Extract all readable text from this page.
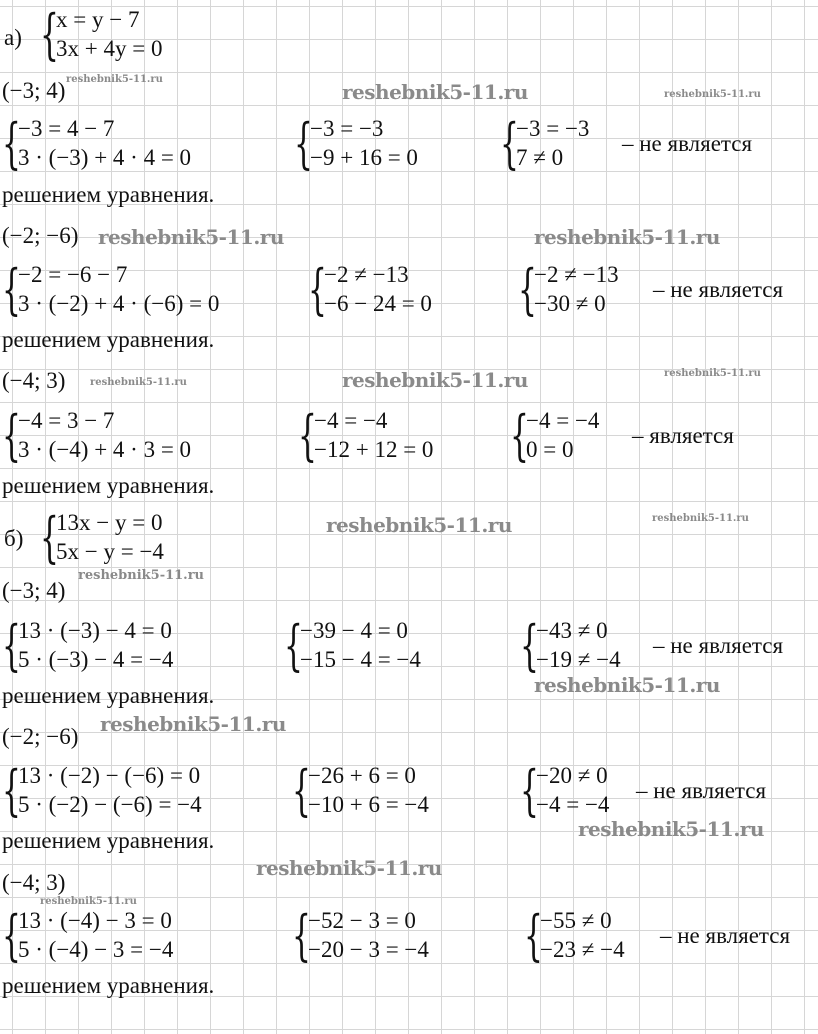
а) {
x = y − 7
3x + 4y = 0
(−3; 4)
{
−3 = 4 − 7
3 · (−3) + 4 · 4 = 0 {
−3 = −3
−9 + 16 = 0 {
−3 = −3
7 ≠ 0
– не является
решением уравнения.
(−2; −6)
{
−2 = −6 − 7
3 · (−2) + 4 · (−6) = 0 {
−2 ≠ −13
−6 − 24 = 0 {
−2 ≠ −13
−30 ≠ 0
– не является
решением уравнения.
(−4; 3)
{
−4 = 3 − 7
3 · (−4) + 4 · 3 = 0 {
−4 = −4
−12 + 12 = 0 {
−4 = −4
0 = 0
– является
решением уравнения.
б) {
13x − y = 0
5x − y = −4
(−3; 4)
{
13 · (−3) − 4 = 0
5 · (−3) − 4 = −4 {
−39 − 4 = 0
−15 − 4 = −4 {
−43 ≠ 0
−19 ≠ −4
– не является
решением уравнения.
(−2; −6)
{
13 · (−2) − (−6) = 0
5 · (−2) − (−6) = −4 {
−26 + 6 = 0
−10 + 6 = −4 {
−20 ≠ 0
−4 = −4
– не является
решением уравнения.
(−4; 3)
{
13 · (−4) − 3 = 0
5 · (−4) − 3 = −4 {
−52 − 3 = 0
−20 − 3 = −4 {
−55 ≠ 0
−23 ≠ −4
– не является
решением уравнения.
reshebnik5-11.ru
reshebnik5-11.ru	reshebnik5-11.ru
reshebnik5-11.ru	reshebnik5-11.ru
reshebnik5-11.ru	reshebnik5-11.ru	reshebnik5-11.ru
reshebnik5-11.ru	reshebnik5-11.ru
reshebnik5-11.ru
reshebnik5-11.ru
reshebnik5-11.ru
reshebnik5-11.ru
reshebnik5-11.ru
reshebnik5-11.ru
